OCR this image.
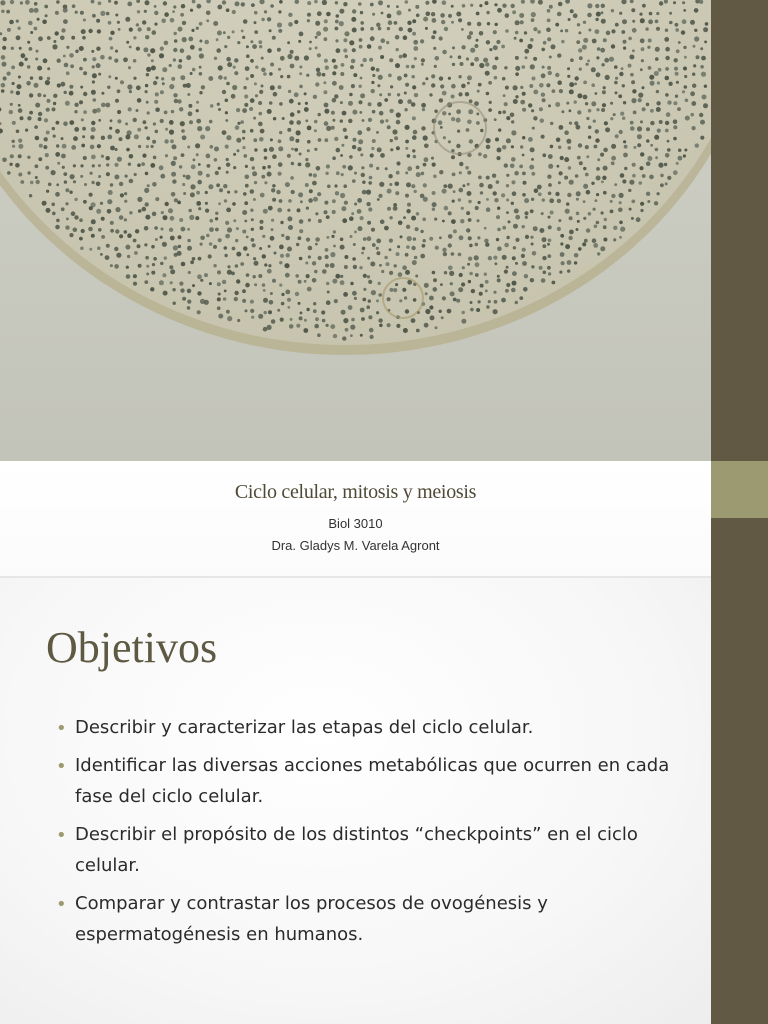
Ciclo celular, mitosis y meiosis
Biol 3010
Dra. Gladys M. Varela Agront
Objetivos
• Describir y caracterizar las etapas del ciclo celular.
• Identificar las diversas acciones metabólicas que ocurren en cada fase del ciclo celular.
• Describir el propósito de los distintos “checkpoints” en el ciclo celular.
• Comparar y contrastar los procesos de ovogénesis y espermatogénesis en humanos.
